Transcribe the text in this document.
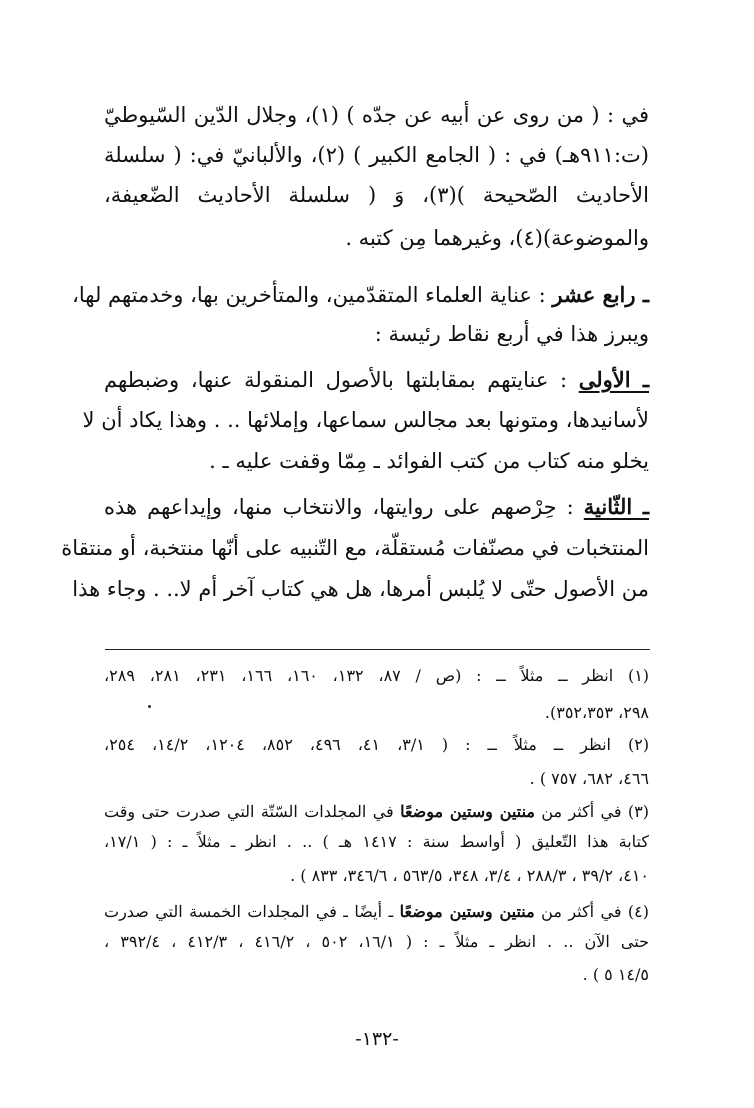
في : ( من روى عن أبيه عن جدّه ) (١)، وجلال الدّين السّيوطيّ
(ت:٩١١هـ) في : ( الجامع الكبير ) (٢)، والألبانيّ في: ( سلسلة
الأحاديث الصّحيحة )(٣)، وَ ( سلسلة الأحاديث الضّعيفة،
والموضوعة)(٤)، وغيرهما مِن كتبه .
ـ رابع عشر : عناية العلماء المتقدّمين، والمتأخرين بها، وخدمتهم لها،
ويبرز هذا في أربع نقاط رئيسة :
ـ الأولى : عنايتهم بمقابلتها بالأصول المنقولة عنها، وضبطهم
لأسانيدها، ومتونها بعد مجالس سماعها، وإملائها .. . وهذا يكاد أن لا
يخلو منه كتاب من كتب الفوائد ـ مِمّا وقفت عليه ـ .
ـ الثّانية : حِرْصهم على روايتها، والانتخاب منها، وإيداعهم هذه
المنتخبات في مصنّفات مُستقلّة، مع التّنبيه على أنّها منتخبة، أو منتقاة
من الأصول حتّى لا يُلبس أمرها، هل هي كتاب آخر أم لا.. . وجاء هذا
(١) انظر ــ مثلاً ــ : (ص / ٨٧، ١٣٢، ١٦٠، ١٦٦، ٢٣١، ٢٨١، ٢٨٩،
٢٩٨، ٣٥٢،٣٥٣).
(٢) انظر ــ مثلاً ــ : ( ٣/١، ٤١، ٤٩٦، ٨٥٢، ١٢٠٤، ١٤/٢، ٢٥٤،
٤٦٦، ٦٨٢، ٧٥٧ ) .
(٣) في أكثر من منتين وستين موضعًا في المجلدات السّتّة التي صدرت حتى وقت
كتابة هذا التّعليق ( أواسط سنة : ١٤١٧ هـ ) .. . انظر ـ مثلاً ـ : ( ١٧/١،
٤١٠، ٣٩/٢ ، ٢٨٨/٣ ، ٣/٤، ٣٤٨، ٥٦٣/٥ ، ٣٤٦/٦، ٨٣٣ ) .
(٤) في أكثر من منتين وستين موضعًا ـ أيضًا ـ في المجلدات الخمسة التي صدرت
حتى الآن .. . انظر ـ مثلاً ـ : ( ١٦/١، ٥٠٢ ، ٤١٦/٢ ، ٤١٢/٣ ، ٣٩٢/٤ ،
١٤/٥ ٥ ) .
-١٣٢-
